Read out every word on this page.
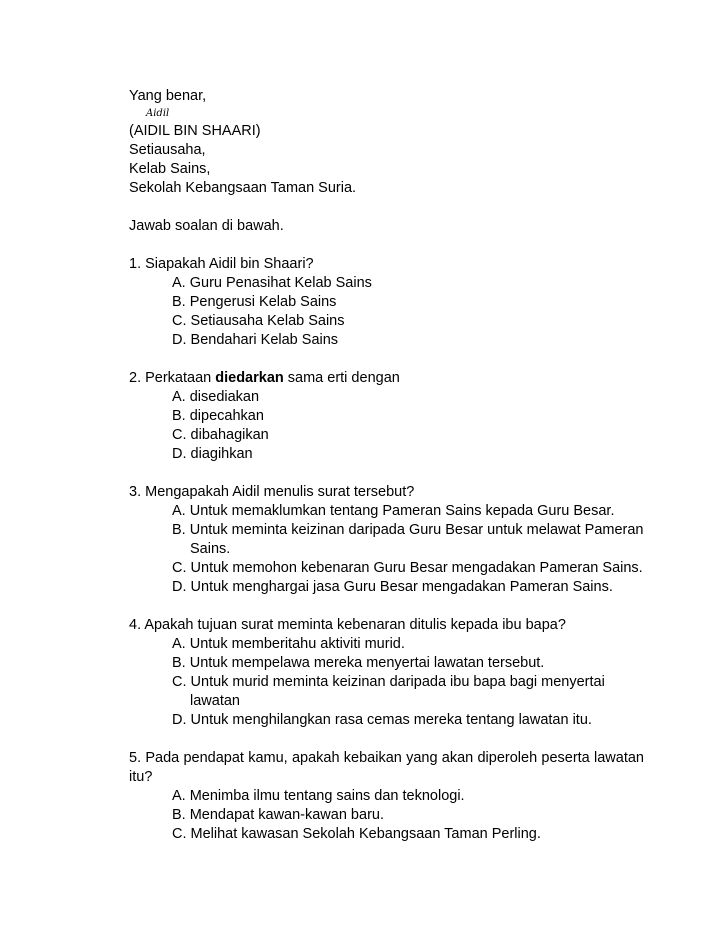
Yang benar,
Aidil
(AIDIL BIN SHAARI)
Setiausaha,
Kelab Sains,
Sekolah Kebangsaan Taman Suria.
Jawab soalan di bawah.
1. Siapakah Aidil bin Shaari?
A. Guru Penasihat Kelab Sains
B. Pengerusi Kelab Sains
C. Setiausaha Kelab Sains
D. Bendahari Kelab Sains
2. Perkataan diedarkan sama erti dengan
A. disediakan
B. dipecahkan
C. dibahagikan
D. diagihkan
3. Mengapakah Aidil menulis surat tersebut?
A. Untuk memaklumkan tentang Pameran Sains kepada Guru Besar.
B. Untuk meminta keizinan daripada Guru Besar untuk melawat Pameran
Sains.
C. Untuk memohon kebenaran Guru Besar mengadakan Pameran Sains.
D. Untuk menghargai jasa Guru Besar mengadakan Pameran Sains.
4. Apakah tujuan surat meminta kebenaran ditulis kepada ibu bapa?
A. Untuk memberitahu aktiviti murid.
B. Untuk mempelawa mereka menyertai lawatan tersebut.
C. Untuk murid meminta keizinan daripada ibu bapa bagi menyertai
lawatan
D. Untuk menghilangkan rasa cemas mereka tentang lawatan itu.
5. Pada pendapat kamu, apakah kebaikan yang akan diperoleh peserta lawatan itu?
A. Menimba ilmu tentang sains dan teknologi.
B. Mendapat kawan-kawan baru.
C. Melihat kawasan Sekolah Kebangsaan Taman Perling.
